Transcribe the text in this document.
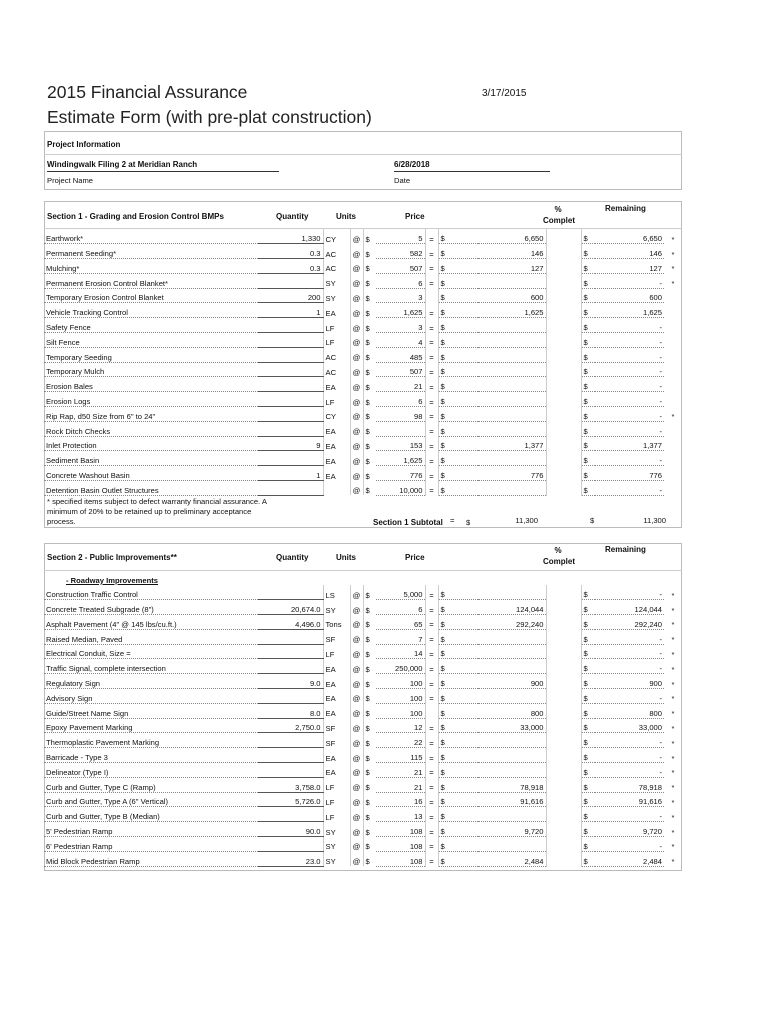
2015 Financial Assurance
Estimate Form (with pre-plat construction)
3/17/2015
Project Information
Windingwalk Filing 2 at Meridian Ranch
Project Name
6/28/2018
Date
Section 1 - Grading and Erosion Control BMPs	Quantity	Units	Price
% Complet
Remaining
Earthwork*	1,330	CY	@	$	5	=	$	6,650		$	6,650	*
Permanent Seeding*	0.3	AC	@	$	582	=	$	146		$	146	*
Mulching*	0.3	AC	@	$	507	=	$	127		$	127	*
Permanent Erosion Control Blanket*		SY	@	$	6	=	$			$	-	*
Temporary Erosion Control Blanket	200	SY	@	$	3		$	600		$	600	
Vehicle Tracking Control	1	EA	@	$	1,625	=	$	1,625		$	1,625	
Safety Fence		LF	@	$	3	=	$			$	-	
Silt Fence		LF	@	$	4	=	$			$	-	
Temporary Seeding		AC	@	$	485	=	$			$	-	
Temporary Mulch		AC	@	$	507	=	$			$	-	
Erosion Bales		EA	@	$	21	=	$			$	-	
Erosion Logs		LF	@	$	6	=	$			$	-	
Rip Rap, d50 Size from 6" to 24"		CY	@	$	98	=	$			$	-	*
Rock Ditch Checks		EA	@	$		=	$			$	-	
Inlet Protection	9	EA	@	$	153	=	$	1,377		$	1,377	
Sediment Basin		EA	@	$	1,625	=	$			$	-	
Concrete Washout Basin	1	EA	@	$	776	=	$	776		$	776	
Detention Basin Outlet Structures			@	$	10,000	=	$			$	-	
* specified items subject to defect warranty financial assurance. A minimum of 20% to be retained up to preliminary acceptance process.	Section 1 Subtotal = $	11,300	$	11,300
Section 2 - Public Improvements**	Quantity	Units	Price
% Complet
Remaining
- Roadway Improvements
Construction Traffic Control		LS	@	$	5,000	=	$			$	-	*
Concrete Treated Subgrade (8")	20,674.0	SY	@	$	6	=	$	124,044		$	124,044	*
Asphalt Pavement (4" @ 145 lbs/cu.ft.)	4,496.0	Tons	@	$	65	=	$	292,240		$	292,240	*
Raised Median, Paved		SF	@	$	7	=	$			$	-	*
Electrical Conduit, Size =		LF	@	$	14	=	$			$	-	*
Traffic Signal, complete intersection		EA	@	$	250,000	=	$			$	-	*
Regulatory Sign	9.0	EA	@	$	100	=	$	900		$	900	*
Advisory Sign		EA	@	$	100	=	$			$	-	*
Guide/Street Name Sign	8.0	EA	@	$	100		$	800		$	800	*
Epoxy Pavement Marking	2,750.0	SF	@	$	12	=	$	33,000		$	33,000	*
Thermoplastic Pavement Marking		SF	@	$	22	=	$			$	-	*
Barricade - Type 3		EA	@	$	115	=	$			$	-	*
Delineator (Type I)		EA	@	$	21	=	$			$	-	*
Curb and Gutter, Type C (Ramp)	3,758.0	LF	@	$	21	=	$	78,918		$	78,918	*
Curb and Gutter, Type A (6" Vertical)	5,726.0	LF	@	$	16	=	$	91,616		$	91,616	*
Curb and Gutter, Type B (Median)		LF	@	$	13	=	$			$	-	*
5' Pedestrian Ramp	90.0	SY	@	$	108	=	$	9,720		$	9,720	*
6' Pedestrian Ramp		SY	@	$	108	=	$			$	-	*
Mid Block Pedestrian Ramp	23.0	SY	@	$	108	=	$	2,484		$	2,484	*
